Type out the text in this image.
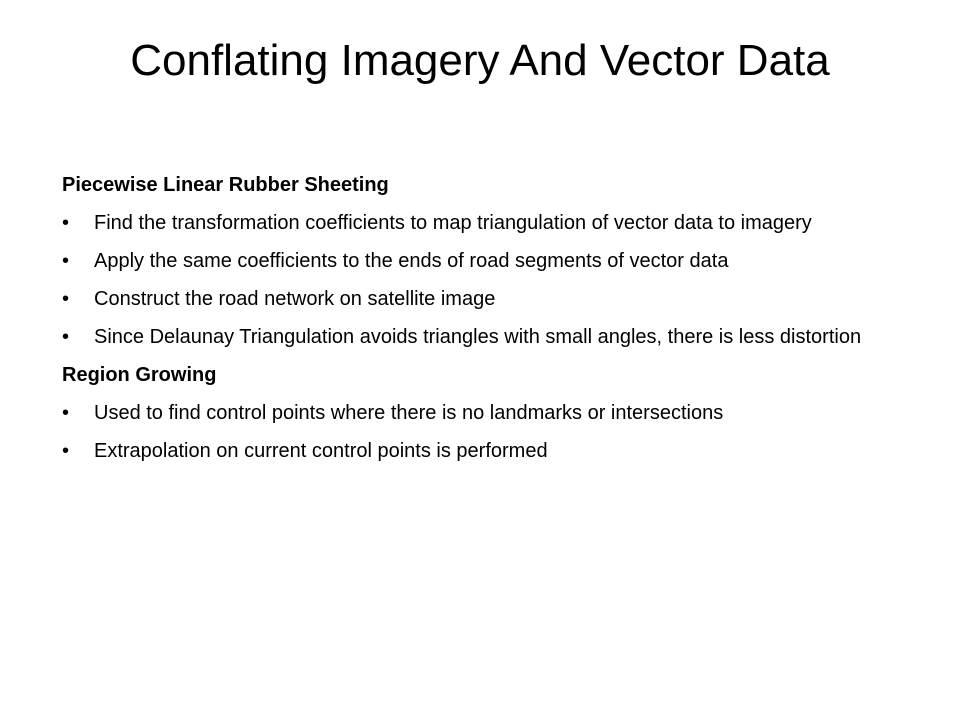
Conflating Imagery And Vector Data
Piecewise Linear Rubber Sheeting
• Find the transformation coefficients to map triangulation of vector data to imagery
• Apply the same coefficients to the ends of road segments of vector data
• Construct the road network on satellite image
• Since Delaunay Triangulation avoids triangles with small angles, there is less distortion
Region Growing
• Used to find control points where there is no landmarks or intersections
• Extrapolation on current control points is performed
